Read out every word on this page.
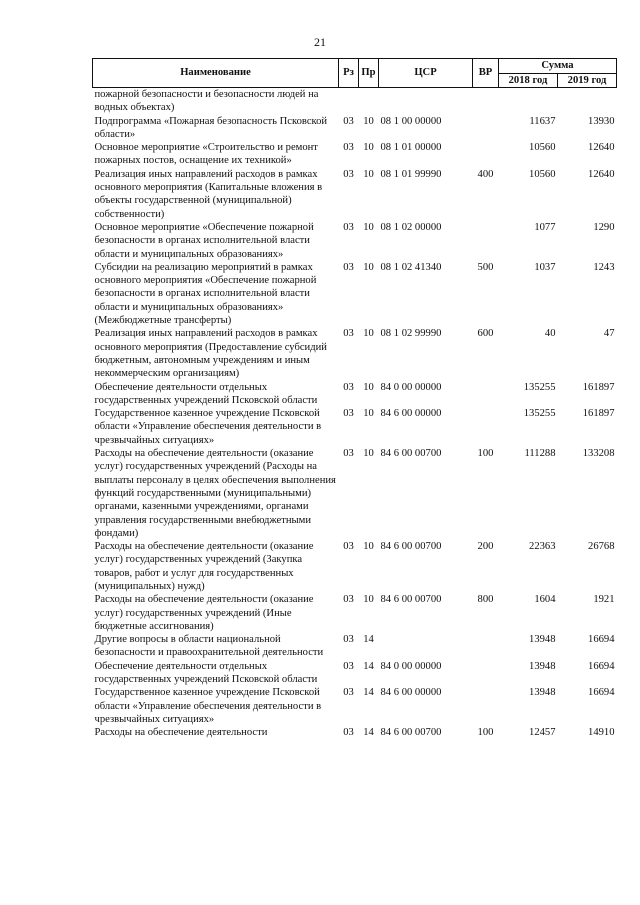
21
Наименование	Рз	Пр	ЦСР	ВР	Сумма	
					2018 год	2019 год
пожарной безопасности и безопасности людей на водных объектах)						
Подпрограмма «Пожарная безопасность Псковской области»	03	10	08 1 00 00000		11637	13930
Основное мероприятие «Строительство и ремонт пожарных постов, оснащение их техникой»	03	10	08 1 01 00000		10560	12640
Реализация иных направлений расходов в рамках основного мероприятия (Капитальные вложения в объекты государственной (муниципальной) собственности)	03	10	08 1 01 99990	400	10560	12640
Основное мероприятие «Обеспечение пожарной безопасности в органах исполнительной власти области и муниципальных образованиях»	03	10	08 1 02 00000		1077	1290
Субсидии на реализацию мероприятий в рамках основного мероприятия «Обеспечение пожарной безопасности в органах исполнительной власти области и муниципальных образованиях» (Межбюджетные трансферты)	03	10	08 1 02 41340	500	1037	1243
Реализация иных направлений расходов в рамках основного мероприятия (Предоставление субсидий бюджетным, автономным учреждениям и иным некоммерческим организациям)	03	10	08 1 02 99990	600	40	47
Обеспечение деятельности отдельных государственных учреждений Псковской области	03	10	84 0 00 00000		135255	161897
Государственное казенное учреждение Псковской области «Управление обеспечения деятельности в чрезвычайных ситуациях»	03	10	84 6 00 00000		135255	161897
Расходы на обеспечение деятельности (оказание услуг) государственных учреждений (Расходы на выплаты персоналу в целях обеспечения выполнения функций государственными (муниципальными) органами, казенными учреждениями, органами управления государственными внебюджетными фондами)	03	10	84 6 00 00700	100	111288	133208
Расходы на обеспечение деятельности (оказание услуг) государственных учреждений (Закупка товаров, работ и услуг для государственных (муниципальных) нужд)	03	10	84 6 00 00700	200	22363	26768
Расходы на обеспечение деятельности (оказание услуг) государственных учреждений (Иные бюджетные ассигнования)	03	10	84 6 00 00700	800	1604	1921
Другие вопросы в области национальной безопасности и правоохранительной деятельности	03	14			13948	16694
Обеспечение деятельности отдельных государственных учреждений Псковской области	03	14	84 0 00 00000		13948	16694
Государственное казенное учреждение Псковской области «Управление обеспечения деятельности в чрезвычайных ситуациях»	03	14	84 6 00 00000		13948	16694
Расходы на обеспечение деятельности	03	14	84 6 00 00700	100	12457	14910
